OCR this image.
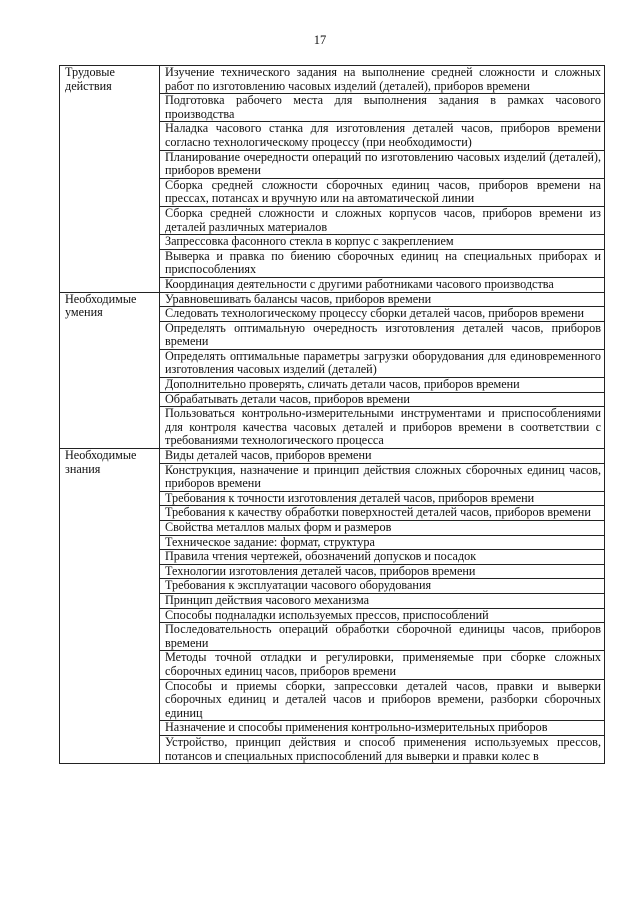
17
Трудовые действия	Изучение технического задания на выполнение средней сложности и сложных работ по изготовлению часовых изделий (деталей), приборов времени
	Подготовка рабочего места для выполнения задания в рамках часового производства
	Наладка часового станка для изготовления деталей часов, приборов времени согласно технологическому процессу (при необходимости)
	Планирование очередности операций по изготовлению часовых изделий (деталей), приборов времени
	Сборка средней сложности сборочных единиц часов, приборов времени на прессах, потансах и вручную или на автоматической линии
	Сборка средней сложности и сложных корпусов часов, приборов времени из деталей различных материалов
	Запрессовка фасонного стекла в корпус с закреплением
	Выверка и правка по биению сборочных единиц на специальных приборах и приспособлениях
	Координация деятельности с другими работниками часового производства
Необходимые умения	Уравновешивать балансы часов, приборов времени
	Следовать технологическому процессу сборки деталей часов, приборов времени
	Определять оптимальную очередность изготовления деталей часов, приборов времени
	Определять оптимальные параметры загрузки оборудования для единовременного изготовления часовых изделий (деталей)
	Дополнительно проверять, сличать детали часов, приборов времени
	Обрабатывать детали часов, приборов времени
	Пользоваться контрольно-измерительными инструментами и приспособлениями для контроля качества часовых деталей и приборов времени в соответствии с требованиями технологического процесса
Необходимые знания	Виды деталей часов, приборов времени
	Конструкция, назначение и принцип действия сложных сборочных единиц часов, приборов времени
	Требования к точности изготовления деталей часов, приборов времени
	Требования к качеству обработки поверхностей деталей часов, приборов времени
	Свойства металлов малых форм и размеров
	Техническое задание: формат, структура
	Правила чтения чертежей, обозначений допусков и посадок
	Технологии изготовления деталей часов, приборов времени
	Требования к эксплуатации часового оборудования
	Принцип действия часового механизма
	Способы подналадки используемых прессов, приспособлений
	Последовательность операций обработки сборочной единицы часов, приборов времени
	Методы точной отладки и регулировки, применяемые при сборке сложных сборочных единиц часов, приборов времени
	Способы и приемы сборки, запрессовки деталей часов, правки и выверки сборочных единиц и деталей часов и приборов времени, разборки сборочных единиц
	Назначение и способы применения контрольно-измерительных приборов
	Устройство, принцип действия и способ применения используемых прессов, потансов и специальных приспособлений для выверки и правки колес в
